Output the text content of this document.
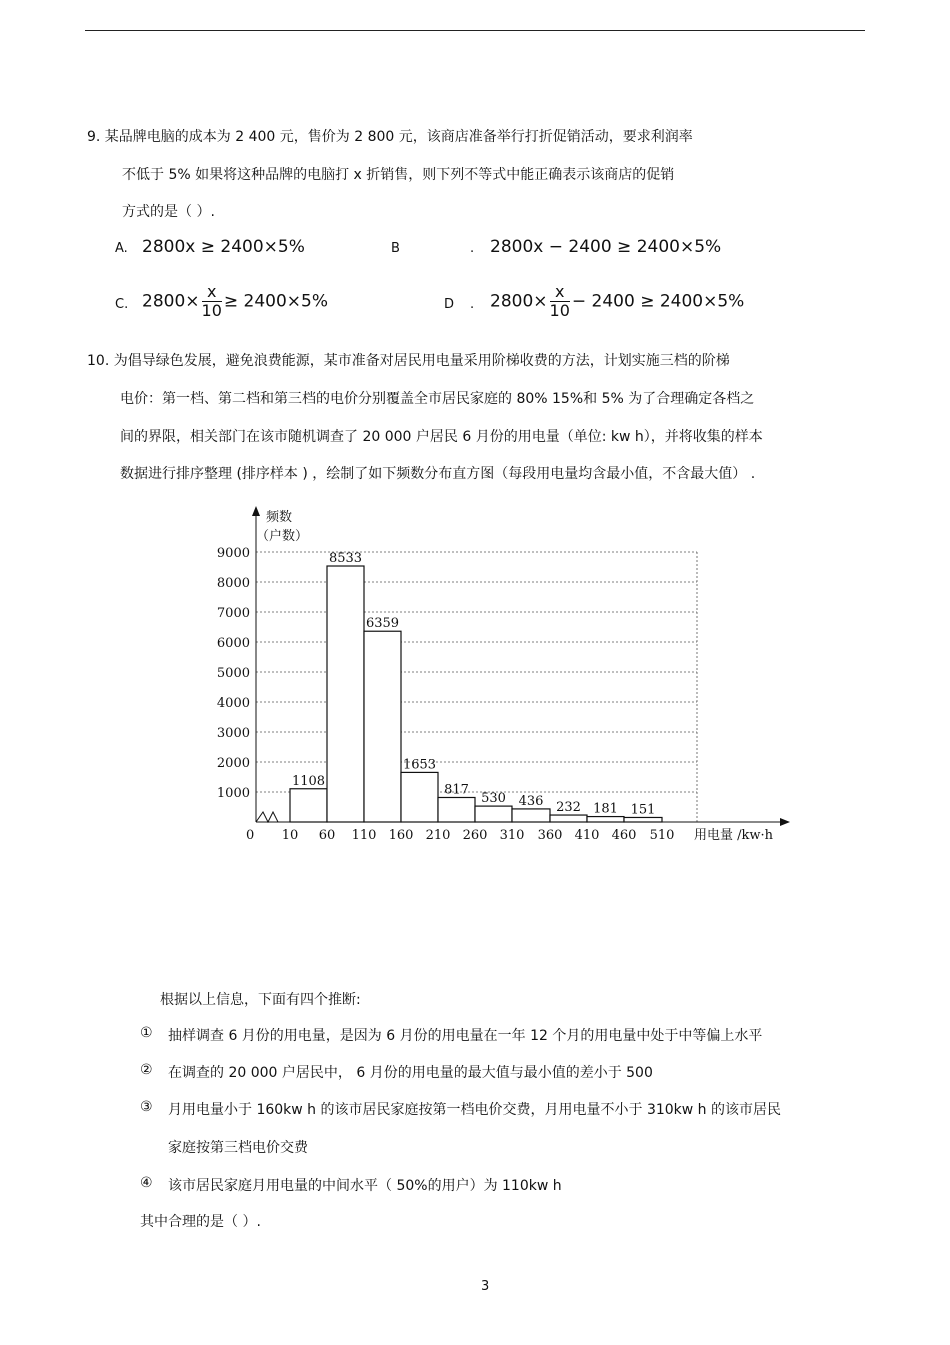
9. 某品牌电脑的成本为 2 400 元，售价为 2 800 元，该商店准备举行打折促销活动，要求利润率
不低于 5% 如果将这种品牌的电脑打 x 折销售，则下列不等式中能正确表示该商店的促销
方式的是（ ）.
A. 2800x ≥ 2400×5%	B	. 2800x − 2400 ≥ 2400×5%
C. $2800\times \frac{x}{10} \ge 2400\times 5\%$	D . $2800\times \frac{x}{10} - 2400 \ge 2400\times 5\%$
10. 为倡导绿色发展，避免浪费能源，某市准备对居民用电量采用阶梯收费的方法，计划实施三档的阶梯
电价：第一档、第二档和第三档的电价分别覆盖全市居民家庭的 80% 15%和 5% 为了合理确定各档之
间的界限，相关部门在该市随机调查了 20 000 户居民 6 月份的用电量（单位: kw h），并将收集的样本
数据进行排序整理 (排序样本 ) ，绘制了如下频数分布直方图（每段用电量均含最小值，不含最大值） .
频数
（户数）
0	用电量 /kw·h
1000
2000
3000
4000
5000
6000
7000
8000
9000
10 60 110 160 210 260 310 360 410 460 510
1108
8533
6359
1653
817
530 436 232 181 151
根据以上信息，下面有四个推断:
① 抽样调查 6 月份的用电量，是因为 6 月份的用电量在一年 12 个月的用电量中处于中等偏上水平
② 在调查的 20 000 户居民中， 6 月份的用电量的最大值与最小值的差小于 500
③ 月用电量小于 160kw h 的该市居民家庭按第一档电价交费，月用电量不小于 310kw h 的该市居民
家庭按第三档电价交费
④ 该市居民家庭月用电量的中间水平（ 50%的用户）为 110kw h
其中合理的是（ ）.
3
